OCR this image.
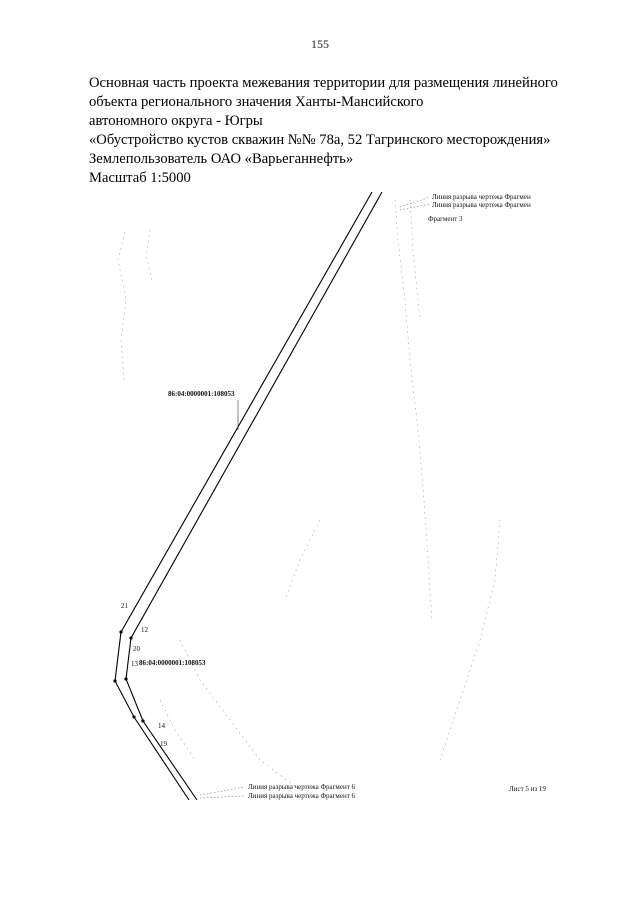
155
Основная часть проекта межевания территории для размещения линейного
объекта регионального значения Ханты-Мансийского
автономного округа - Югры
«Обустройство кустов скважин №№ 78а, 52 Тагринского месторождения»
Землепользователь ОАО «Варьеганнефть»
Масштаб 1:5000
Линия разрыва чертежа Фрагмен
Линия разрыва чертежа Фрагмен
Фрагмент 3
86:04:0000001:108053
86:04:0000001:108053
21
12
20
13
14
19
Линия разрыва чертежа Фрагмент 6
Линия разрыва чертежа Фрагмент 6
Лист 5 из 19
